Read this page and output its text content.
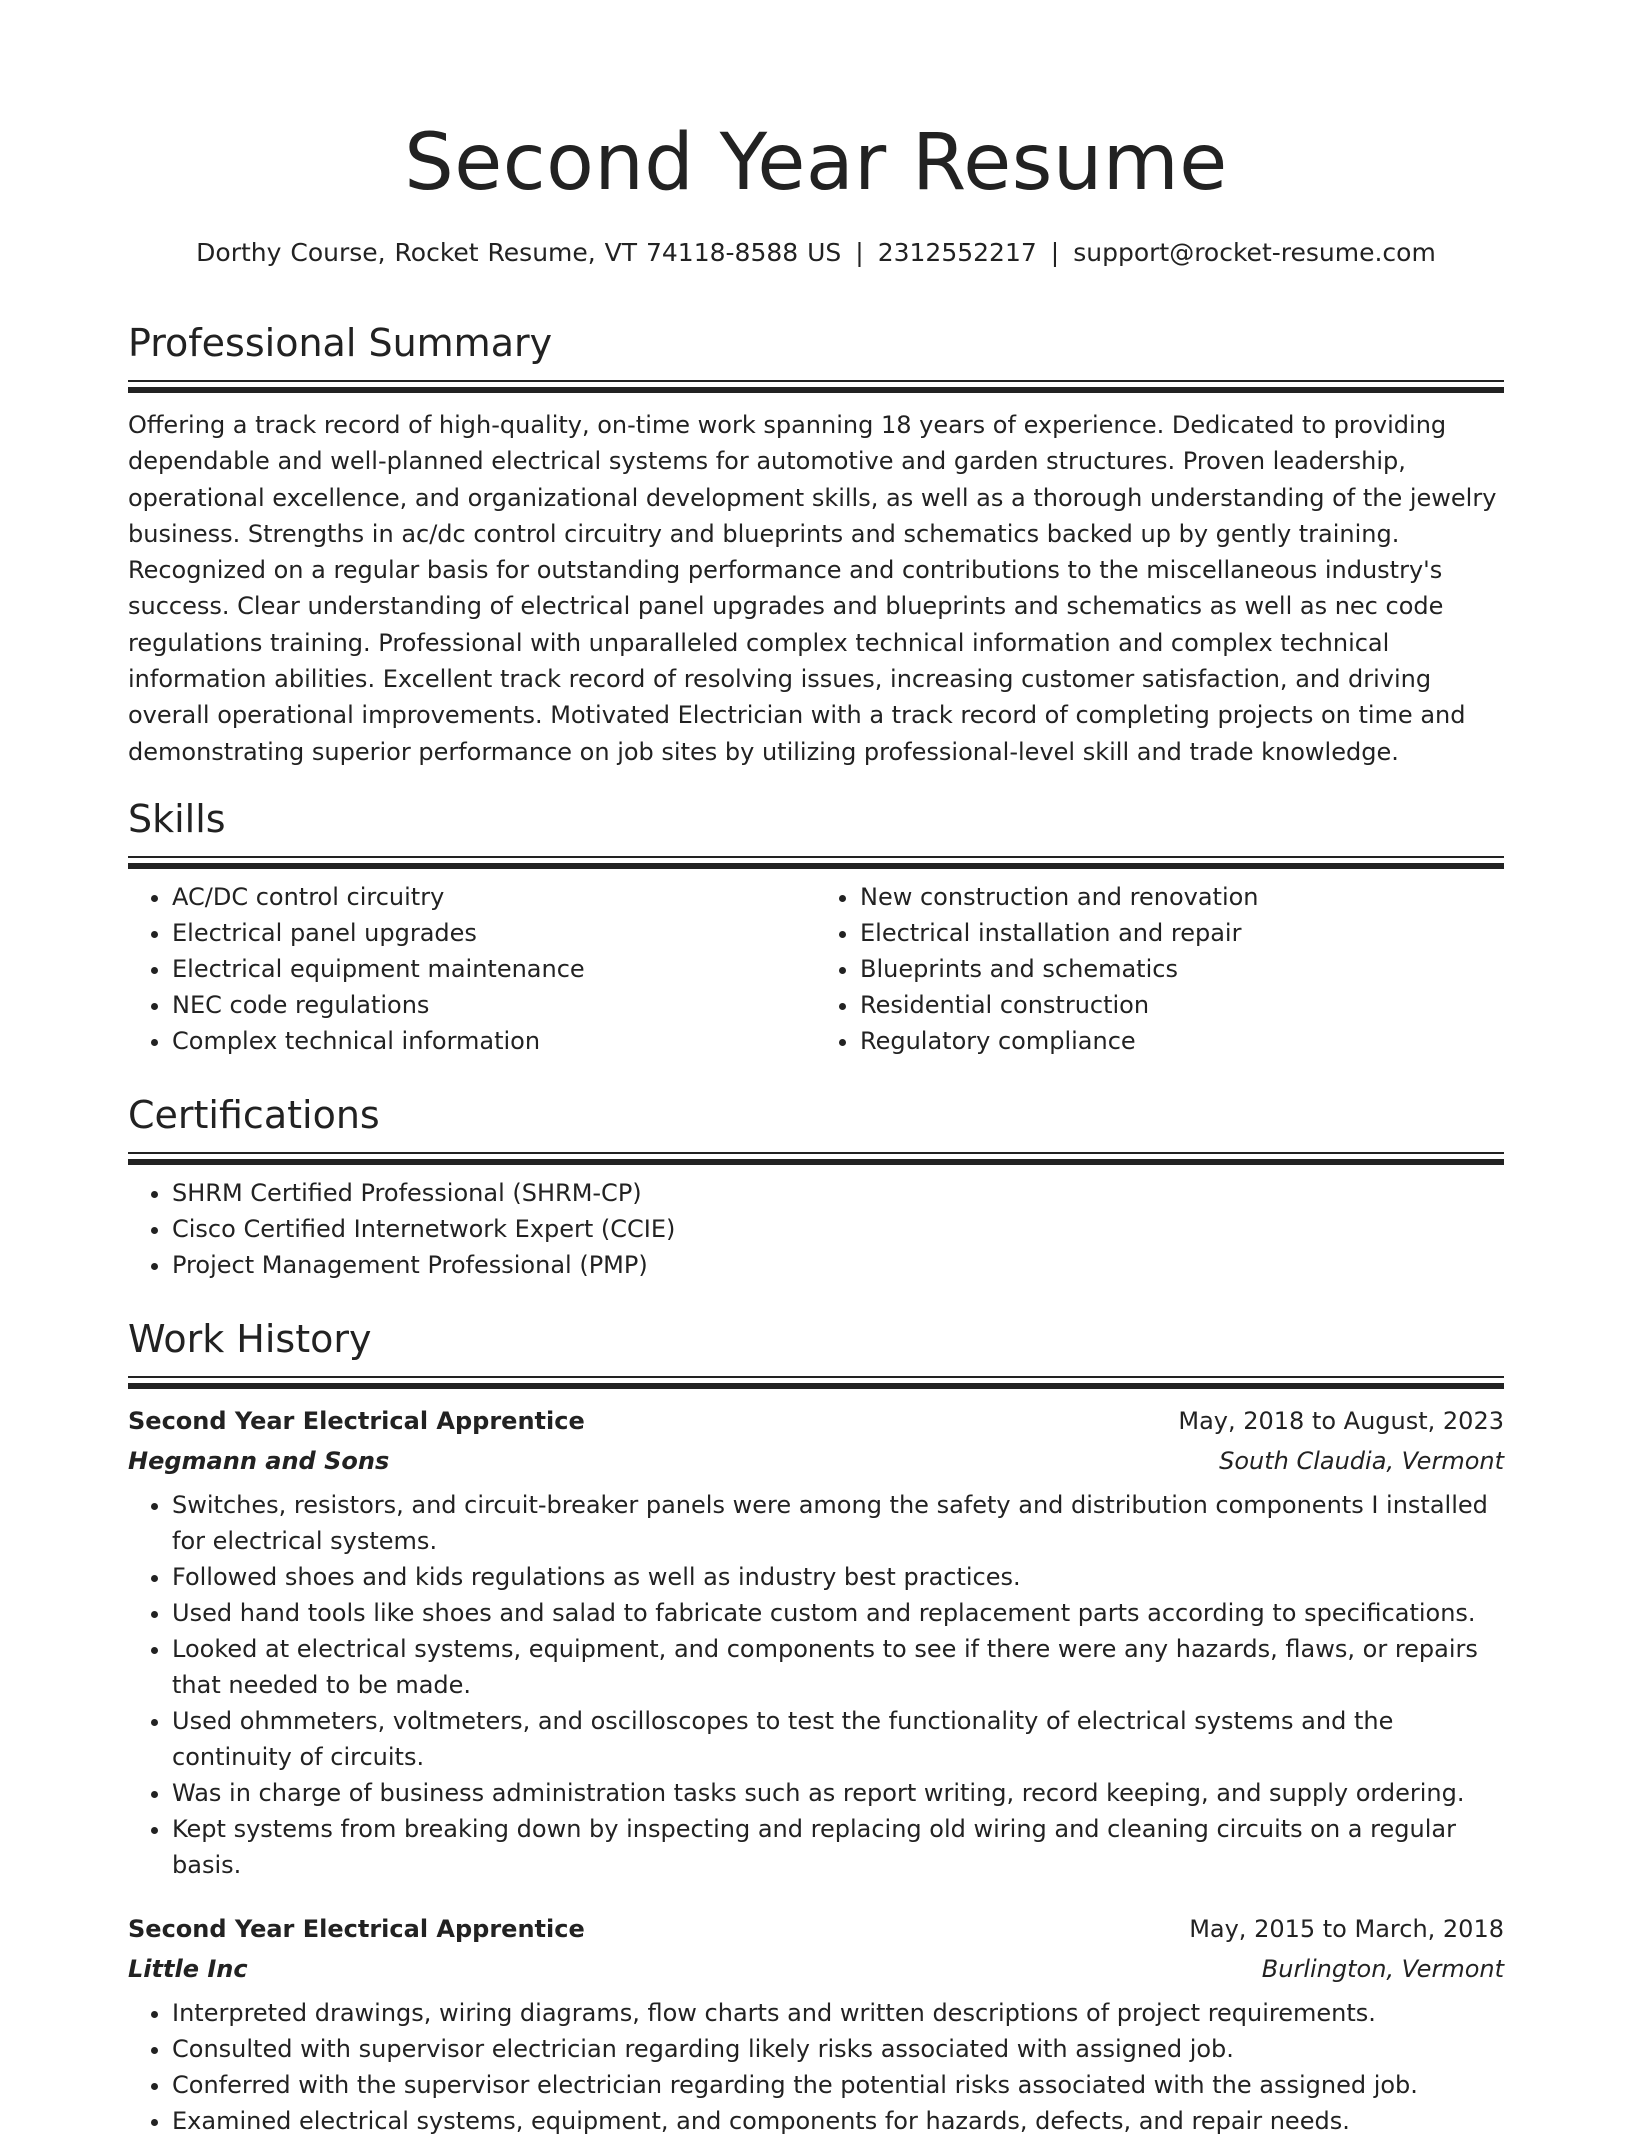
Second Year Resume
Dorthy Course, Rocket Resume, VT 74118-8588 US | 2312552217 | support@rocket-resume.com
Professional Summary

Offering a track record of high-quality, on-time work spanning 18 years of experience. Dedicated to providing dependable and well-planned electrical systems for automotive and garden structures. Proven leadership, operational excellence, and organizational development skills, as well as a thorough understanding of the jewelry business. Strengths in ac/dc control circuitry and blueprints and schematics backed up by gently training. Recognized on a regular basis for outstanding performance and contributions to the miscellaneous industry's success. Clear understanding of electrical panel upgrades and blueprints and schematics as well as nec code regulations training. Professional with unparalleled complex technical information and complex technical information abilities. Excellent track record of resolving issues, increasing customer satisfaction, and driving overall operational improvements. Motivated Electrician with a track record of completing projects on time and demonstrating superior performance on job sites by utilizing professional-level skill and trade knowledge.

Skills
• AC/DC control circuitry
• Electrical panel upgrades
• Electrical equipment maintenance
• NEC code regulations
• Complex technical information
• New construction and renovation
• Electrical installation and repair
• Blueprints and schematics
• Residential construction
• Regulatory compliance
Certifications
• SHRM Certified Professional (SHRM-CP)
• Cisco Certified Internetwork Expert (CCIE)
• Project Management Professional (PMP)
Work History
Second Year Electrical Apprentice	May, 2018 to August, 2023
Hegmann and Sons	South Claudia, Vermont
• Switches, resistors, and circuit-breaker panels were among the safety and distribution components I installed for electrical systems.
• Followed shoes and kids regulations as well as industry best practices.
• Used hand tools like shoes and salad to fabricate custom and replacement parts according to specifications.
• Looked at electrical systems, equipment, and components to see if there were any hazards, flaws, or repairs that needed to be made.
• Used ohmmeters, voltmeters, and oscilloscopes to test the functionality of electrical systems and the continuity of circuits.
• Was in charge of business administration tasks such as report writing, record keeping, and supply ordering.
• Kept systems from breaking down by inspecting and replacing old wiring and cleaning circuits on a regular basis.
Second Year Electrical Apprentice	May, 2015 to March, 2018
Little Inc	Burlington, Vermont
• Interpreted drawings, wiring diagrams, flow charts and written descriptions of project requirements.
• Consulted with supervisor electrician regarding likely risks associated with assigned job.
• Conferred with the supervisor electrician regarding the potential risks associated with the assigned job.
• Examined electrical systems, equipment, and components for hazards, defects, and repair needs.
